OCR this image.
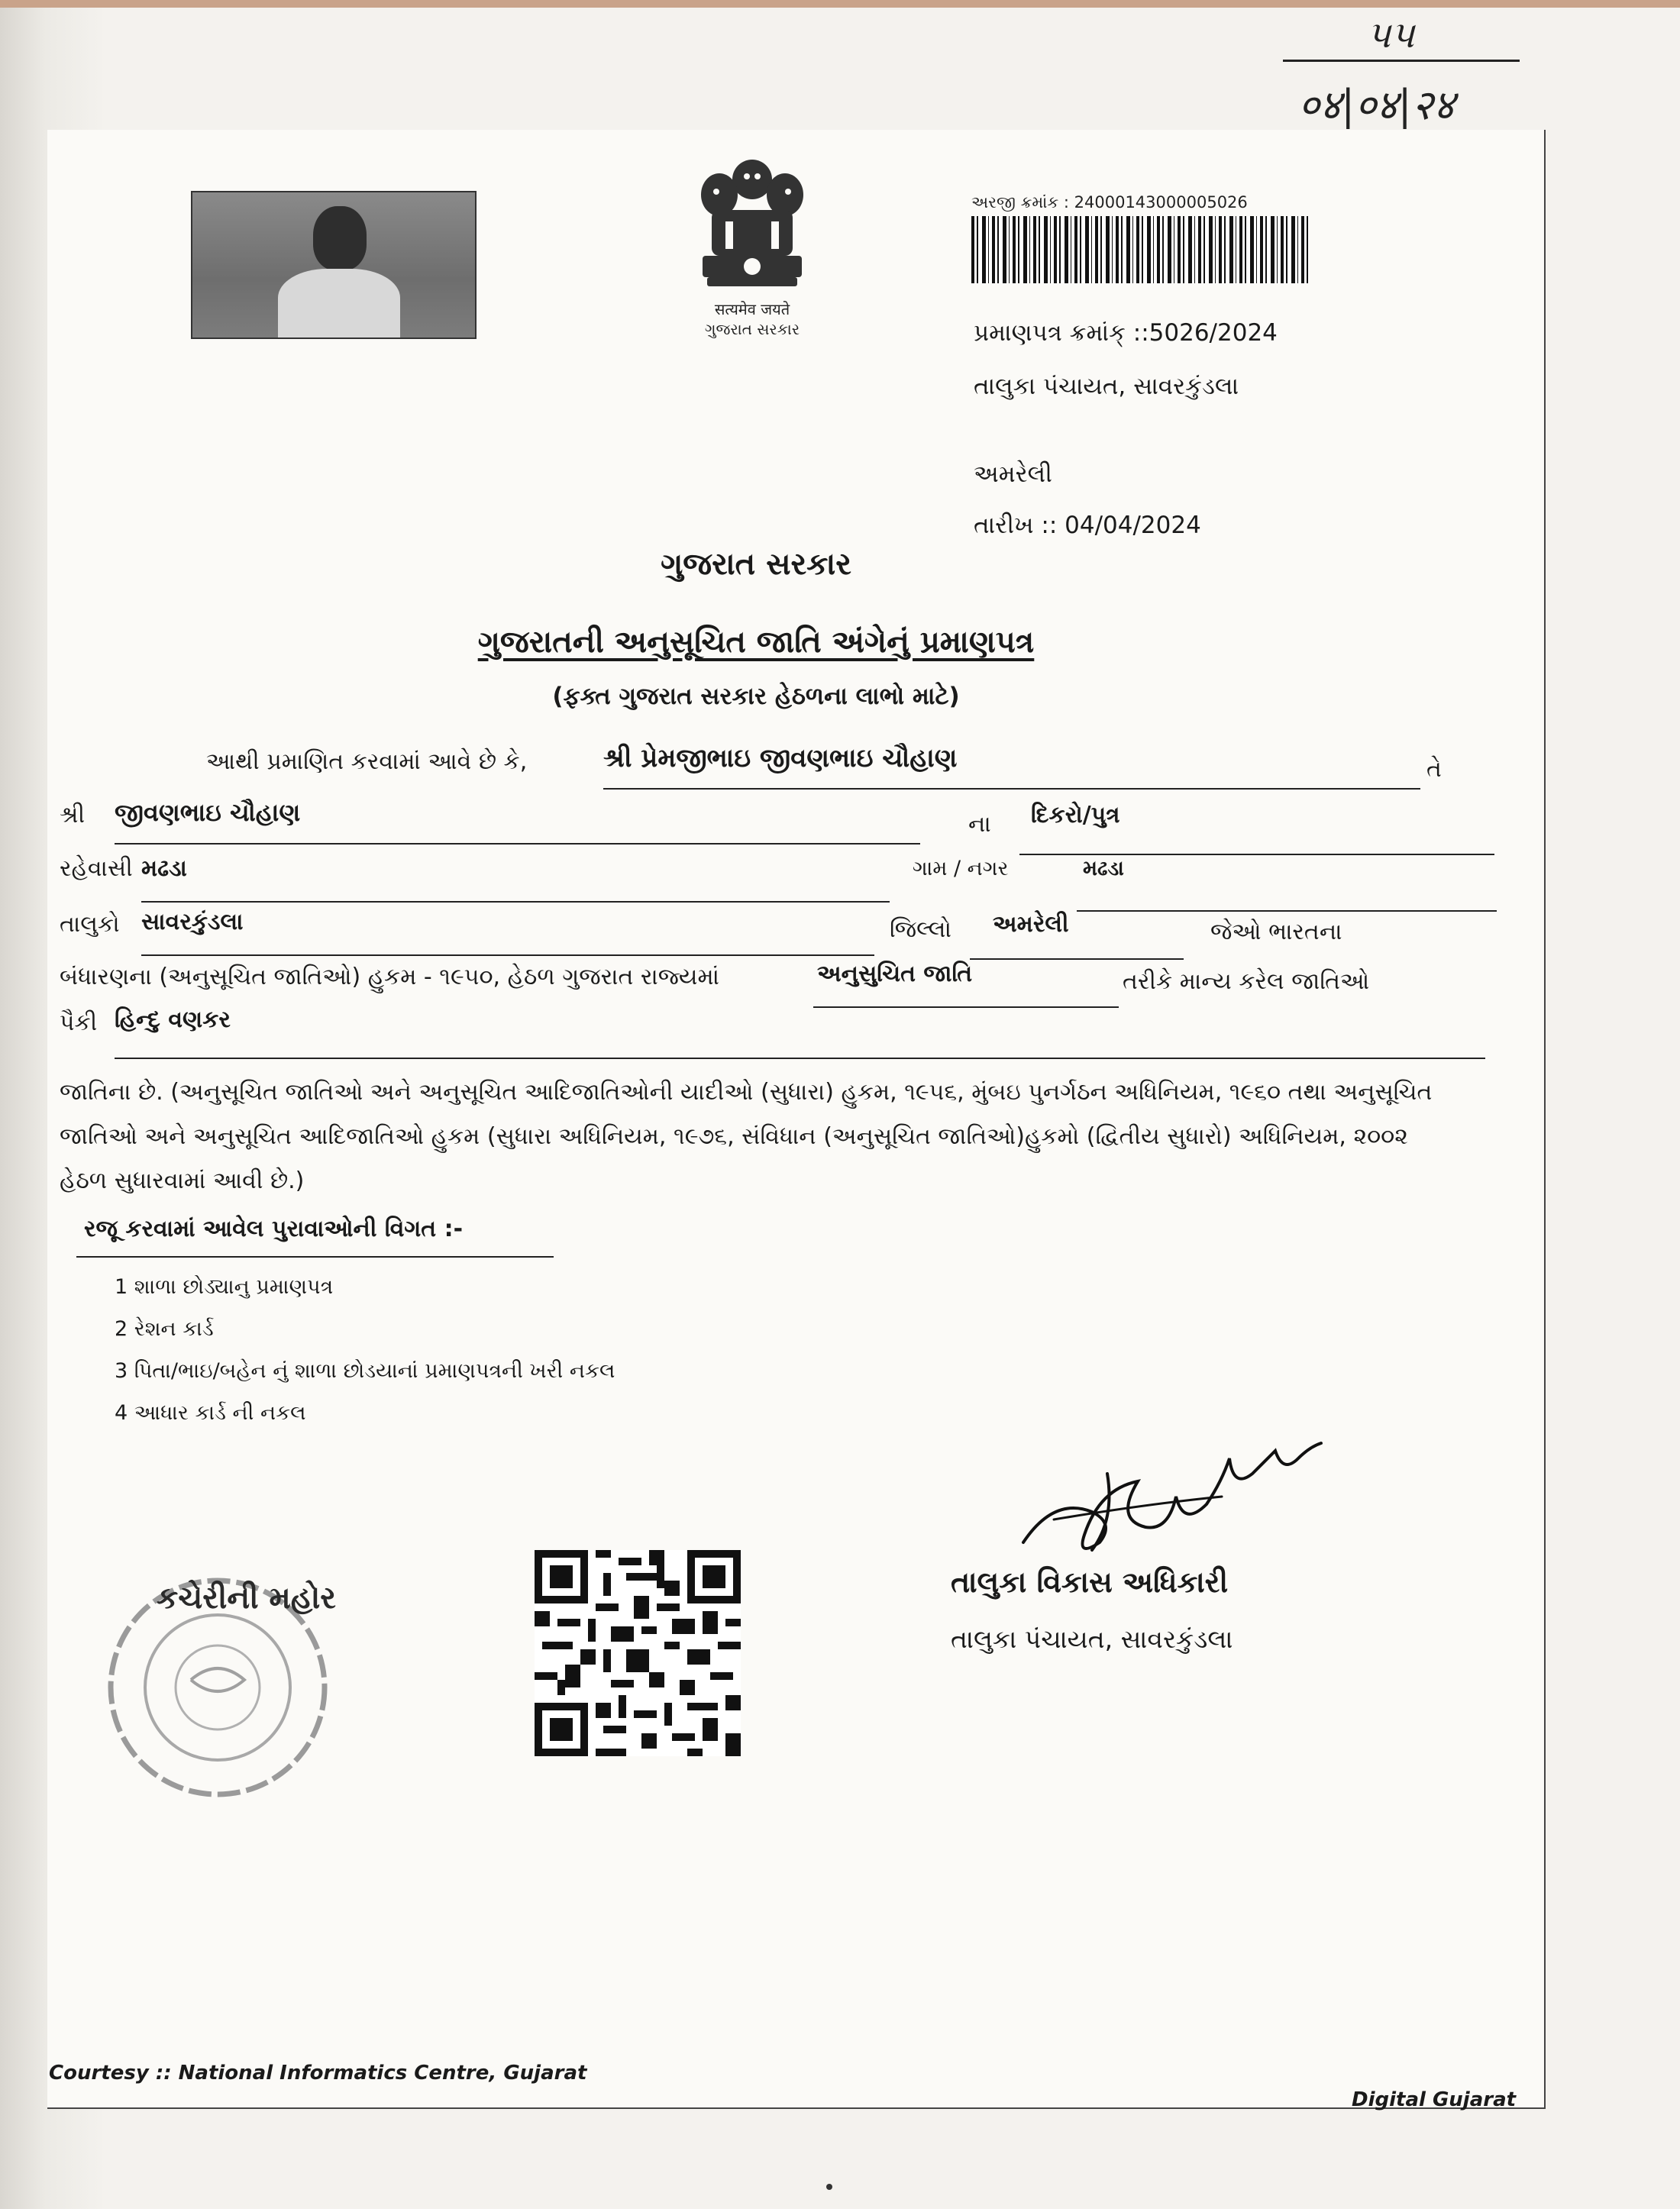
પપ
०४|०४|२४
सत्यमेव जयते
ગુજરાત સરકાર
અરજી ક્રમાંક : 24000143000005026
પ્રમાણપત્ર ક્રમાંક્ ::5026/2024
તાલુકા પંચાયત, સાવરકુંડલા
અમરેલી
તારીખ :: 04/04/2024
ગુજરાત સરકાર
ગુજરાતની અનુસૂચિત જાતિ અંગેનું પ્રમાણપત્ર
(ફક્ત ગુજરાત સરકાર હેઠળના લાભો માટે)
આથી પ્રમાણિત કરવામાં આવે છે કે,	શ્રી પ્રેમજીભાઇ જીવણભાઇ ચૌહાણ	તે
શ્રી જીવણભાઇ ચૌહાણ	ના દિકરો/પુત્ર
રહેવાસી મઢડા	ગામ / નગર	મઢડા
તાલુકો સાવરકુંડલા	જિલ્લો અમરેલી	જેઓ ભારતના
બંધારણના (અનુસૂચિત જાતિઓ) હુકમ - ૧૯૫૦, હેઠળ ગુજરાત રાજ્યમાં	અનુસુચિત જાતિ	તરીકે માન્ય કરેલ જાતિઓ
પૈકી હિન્દુ વણકર
જાતિના છે. (અનુસૂચિત જાતિઓ અને અનુસૂચિત આદિજાતિઓની યાદીઓ (સુધારા) હુકમ, ૧૯૫૬, મુંબઇ પુનર્ગઠન અધિનિયમ, ૧૯૬૦ તથા અનુસૂચિત જાતિઓ અને અનુસૂચિત આદિજાતિઓ હુકમ (સુધારા અધિનિયમ, ૧૯૭૬, સંવિધાન (અનુસૂચિત જાતિઓ)હુકમો (દ્વિતીય સુધારો) અધિનિયમ, ૨૦૦૨ હેઠળ સુધારવામાં આવી છે.)
રજૂ કરવામાં આવેલ પુરાવાઓની વિગત :-
1 શાળા છોડ્યાનુ પ્રમાણપત્ર
2 રેશન કાર્ડ
3 પિતા/ભાઇ/બહેન નું શાળા છોડયાનાં પ્રમાણપત્રની ખરી નકલ
4 આધાર કાર્ડ ની નકલ
કચેરીની મહોર	તાલુકા વિકાસ અધિકારી
તાલુકા પંચાયત, સાવરકુંડલા
Courtesy :: National Informatics Centre, Gujarat
Digital Gujarat
